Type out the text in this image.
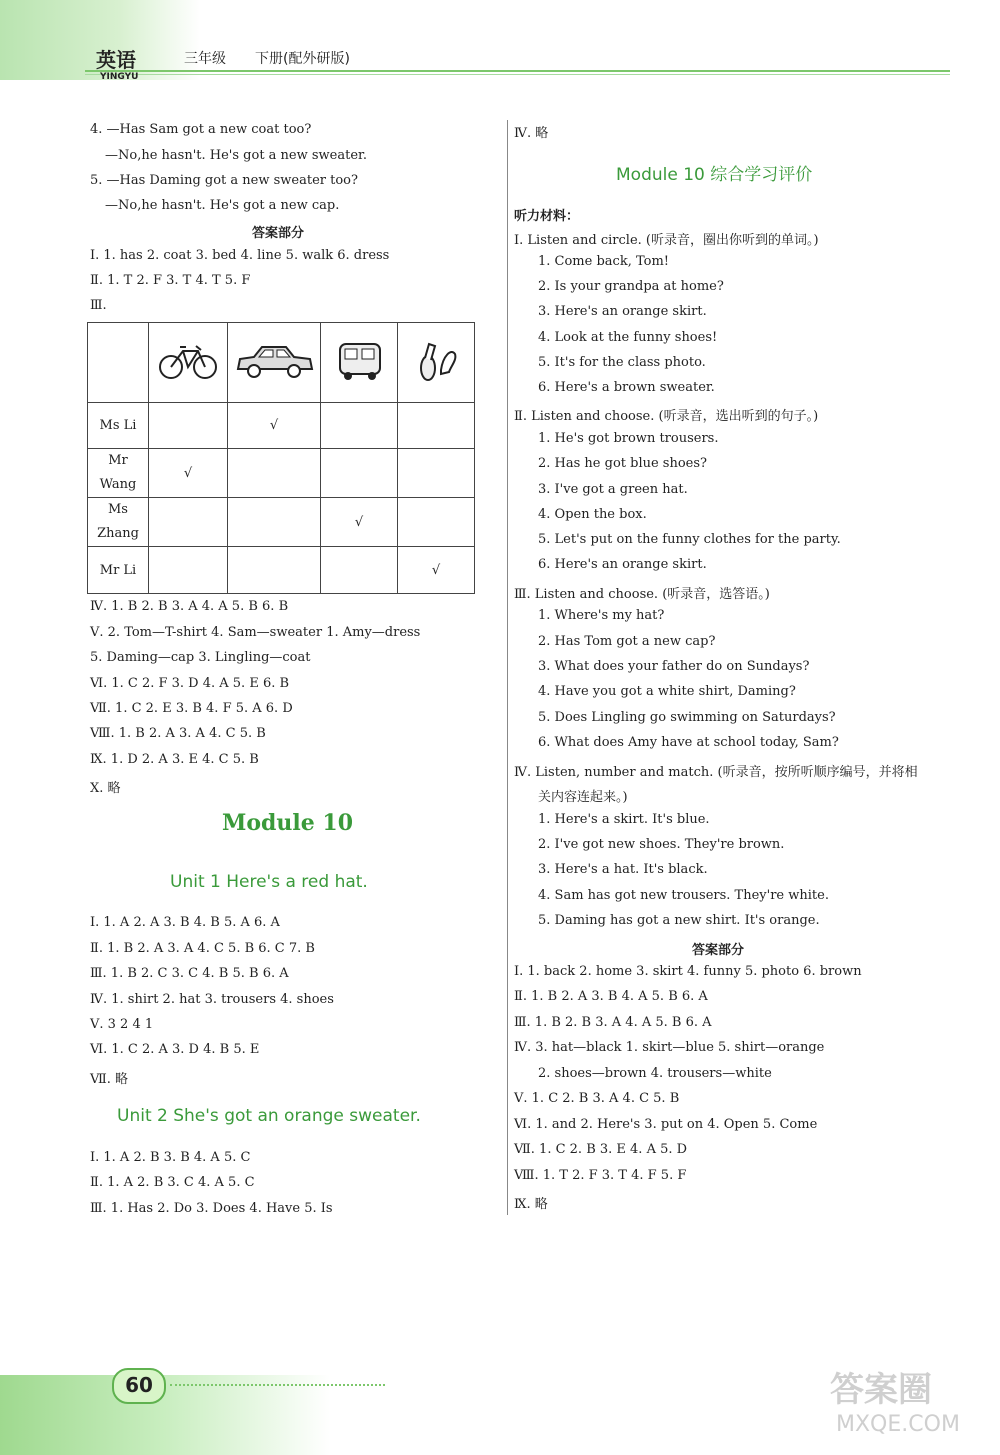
英语
YINGYU
三年级 下册(配外研版)
4. —Has Sam got a new coat too?
—No,he hasn't. He's got a new sweater.
5. —Has Daming got a new sweater too?
—No,he hasn't. He's got a new cap.
答案部分
Ⅰ. 1. has 2. coat 3. bed 4. line 5. walk 6. dress
Ⅱ. 1. T 2. F 3. T 4. T 5. F
Ⅲ.

Ms Li		√		
Mr Wang	√			
Ms Zhang			√	
Mr Li				√
Ⅳ. 1. B 2. B 3. A 4. A 5. B 6. B
Ⅴ. 2. Tom—T-shirt 4. Sam—sweater 1. Amy—dress
5. Daming—cap 3. Lingling—coat
Ⅵ. 1. C 2. F 3. D 4. A 5. E 6. B
Ⅶ. 1. C 2. E 3. B 4. F 5. A 6. D
Ⅷ. 1. B 2. A 3. A 4. C 5. B
Ⅸ. 1. D 2. A 3. E 4. C 5. B
Ⅹ. 略
Module 10
Unit 1 Here's a red hat.
Ⅰ. 1. A 2. A 3. B 4. B 5. A 6. A
Ⅱ. 1. B 2. A 3. A 4. C 5. B 6. C 7. B
Ⅲ. 1. B 2. C 3. C 4. B 5. B 6. A
Ⅳ. 1. shirt 2. hat 3. trousers 4. shoes
Ⅴ. 3 2 4 1
Ⅵ. 1. C 2. A 3. D 4. B 5. E
Ⅶ. 略
Unit 2 She's got an orange sweater.
Ⅰ. 1. A 2. B 3. B 4. A 5. C
Ⅱ. 1. A 2. B 3. C 4. A 5. C
Ⅲ. 1. Has 2. Do 3. Does 4. Have 5. Is
Ⅳ. 略
Module 10 综合学习评价
听力材料：
Ⅰ. Listen and circle. (听录音，圈出你听到的单词。)
1. Come back, Tom!
2. Is your grandpa at home?
3. Here's an orange skirt.
4. Look at the funny shoes!
5. It's for the class photo.
6. Here's a brown sweater.
Ⅱ. Listen and choose. (听录音，选出听到的句子。)
1. He's got brown trousers.
2. Has he got blue shoes?
3. I've got a green hat.
4. Open the box.
5. Let's put on the funny clothes for the party.
6. Here's an orange skirt.
Ⅲ. Listen and choose. (听录音，选答语。)
1. Where's my hat?
2. Has Tom got a new cap?
3. What does your father do on Sundays?
4. Have you got a white shirt, Daming?
5. Does Lingling go swimming on Saturdays?
6. What does Amy have at school today, Sam?
Ⅳ. Listen, number and match. (听录音，按所听顺序编号，并将相
关内容连起来。)
1. Here's a skirt. It's blue.
2. I've got new shoes. They're brown.
3. Here's a hat. It's black.
4. Sam has got new trousers. They're white.
5. Daming has got a new shirt. It's orange.
答案部分
Ⅰ. 1. back 2. home 3. skirt 4. funny 5. photo 6. brown
Ⅱ. 1. B 2. A 3. B 4. A 5. B 6. A
Ⅲ. 1. B 2. B 3. A 4. A 5. B 6. A
Ⅳ. 3. hat—black 1. skirt—blue 5. shirt—orange
2. shoes—brown 4. trousers—white
Ⅴ. 1. C 2. B 3. A 4. C 5. B
Ⅵ. 1. and 2. Here's 3. put on 4. Open 5. Come
Ⅶ. 1. C 2. B 3. E 4. A 5. D
Ⅷ. 1. T 2. F 3. T 4. F 5. F
Ⅸ. 略
60	答案圈
MXQE.COM
